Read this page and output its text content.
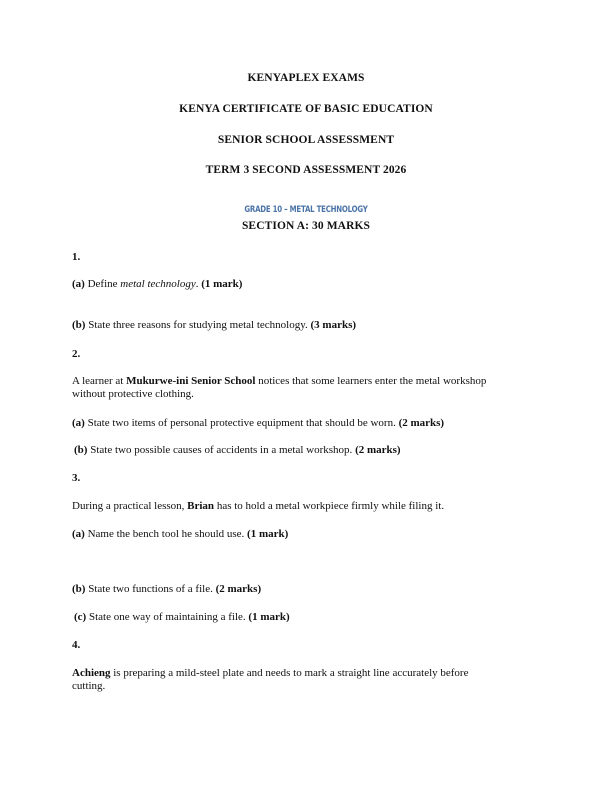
KENYAPLEX EXAMS
KENYA CERTIFICATE OF BASIC EDUCATION
SENIOR SCHOOL ASSESSMENT
TERM 3 SECOND ASSESSMENT 2026
GRADE 10 – METAL TECHNOLOGY
SECTION A: 30 MARKS
1.
(a) Define metal technology. (1 mark)
(b) State three reasons for studying metal technology. (3 marks)
2.
A learner at Mukurwe-ini Senior School notices that some learners enter the metal workshop
without protective clothing.
(a) State two items of personal protective equipment that should be worn. (2 marks)
(b) State two possible causes of accidents in a metal workshop. (2 marks)
3.
During a practical lesson, Brian has to hold a metal workpiece firmly while filing it.
(a) Name the bench tool he should use. (1 mark)
(b) State two functions of a file. (2 marks)
(c) State one way of maintaining a file. (1 mark)
4.
Achieng is preparing a mild-steel plate and needs to mark a straight line accurately before
cutting.
